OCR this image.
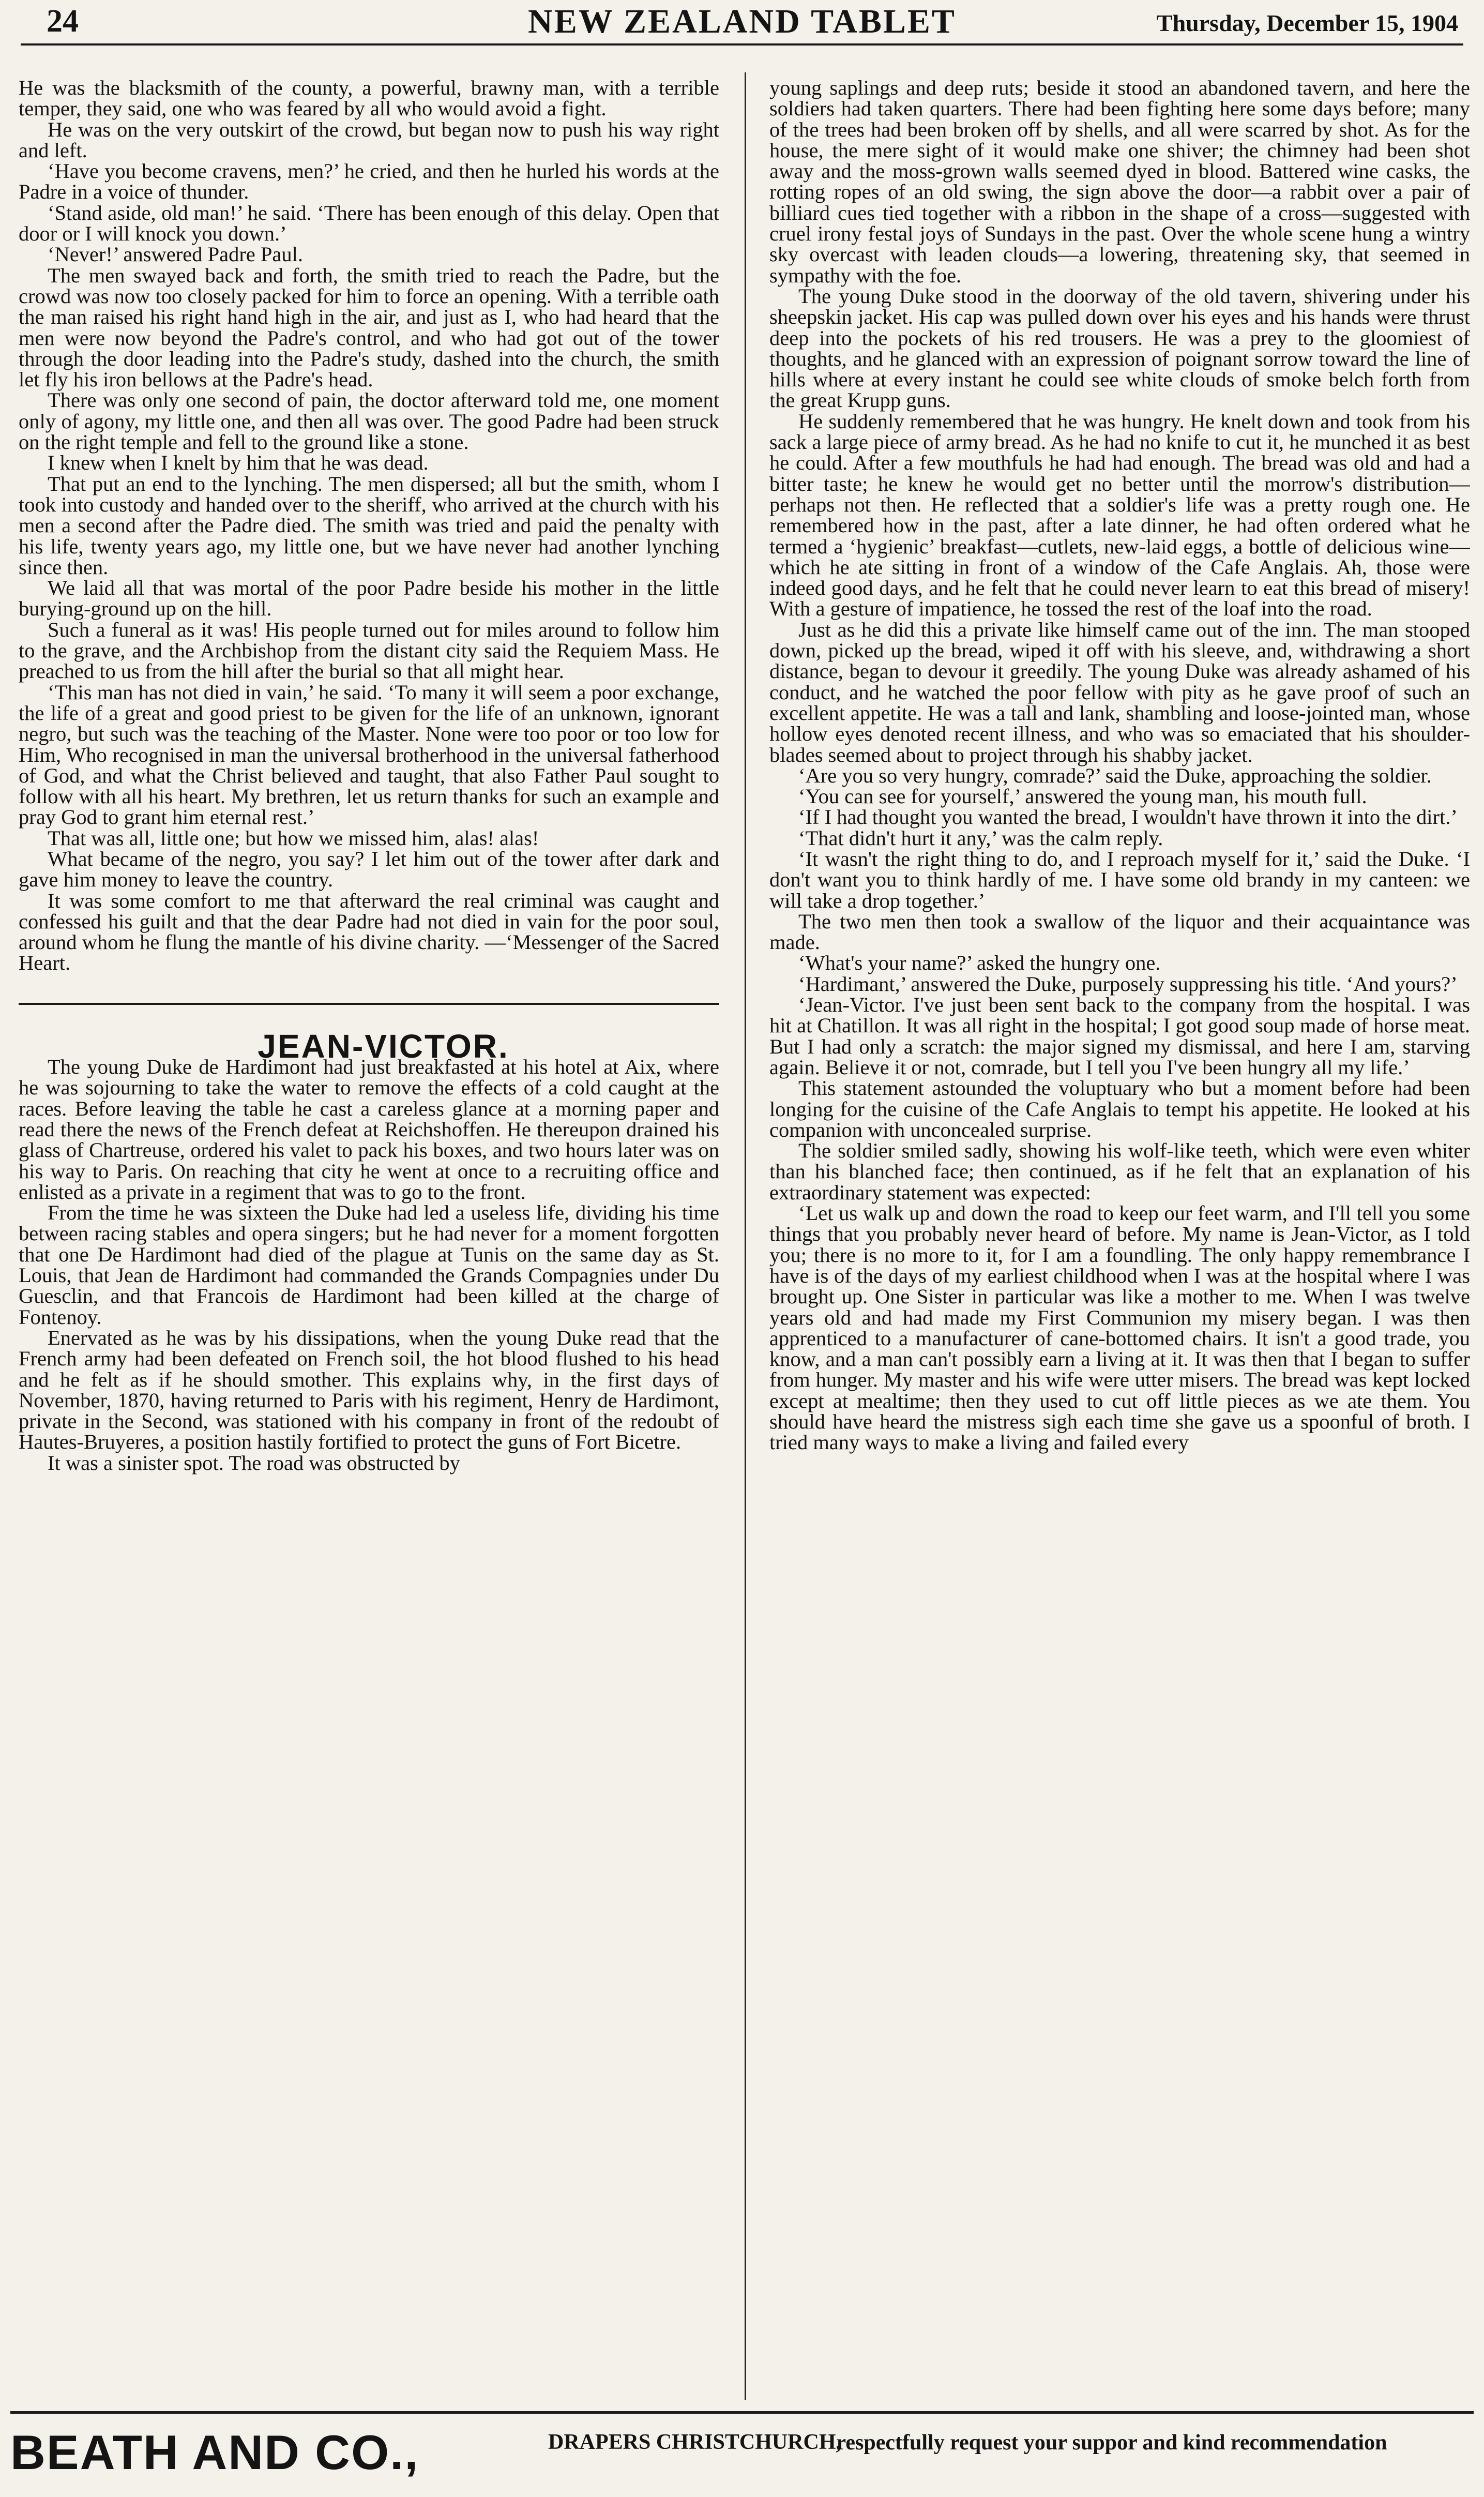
24	NEW ZEALAND TABLET	Thursday, December 15, 1904

He was the blacksmith of the county, a powerful, brawny man, with a terrible temper, they said, one who was feared by all who would avoid a fight.

He was on the very outskirt of the crowd, but began now to push his way right and left.

‘Have you become cravens, men?’ he cried, and then he hurled his words at the Padre in a voice of thunder.

‘Stand aside, old man!’ he said. ‘There has been enough of this delay. Open that door or I will knock you down.’

‘Never!’ answered Padre Paul.

The men swayed back and forth, the smith tried to reach the Padre, but the crowd was now too closely packed for him to force an opening. With a terrible oath the man raised his right hand high in the air, and just as I, who had heard that the men were now beyond the Padre's control, and who had got out of the tower through the door leading into the Padre's study, dashed into the church, the smith let fly his iron bellows at the Padre's head.

There was only one second of pain, the doctor afterward told me, one moment only of agony, my little one, and then all was over. The good Padre had been struck on the right temple and fell to the ground like a stone.

I knew when I knelt by him that he was dead.

That put an end to the lynching. The men dispersed; all but the smith, whom I took into custody and handed over to the sheriff, who arrived at the church with his men a second after the Padre died. The smith was tried and paid the penalty with his life, twenty years ago, my little one, but we have never had another lynching since then.

We laid all that was mortal of the poor Padre beside his mother in the little burying-ground up on the hill.

Such a funeral as it was! His people turned out for miles around to follow him to the grave, and the Archbishop from the distant city said the Requiem Mass. He preached to us from the hill after the burial so that all might hear.

‘This man has not died in vain,’ he said. ‘To many it will seem a poor exchange, the life of a great and good priest to be given for the life of an unknown, ignorant negro, but such was the teaching of the Master. None were too poor or too low for Him, Who recognised in man the universal brotherhood in the universal fatherhood of God, and what the Christ believed and taught, that also Father Paul sought to follow with all his heart. My brethren, let us return thanks for such an example and pray God to grant him eternal rest.’

That was all, little one; but how we missed him, alas! alas!

What became of the negro, you say? I let him out of the tower after dark and gave him money to leave the country.

It was some comfort to me that afterward the real criminal was caught and confessed his guilt and that the dear Padre had not died in vain for the poor soul, around whom he flung the mantle of his divine charity. —‘Messenger of the Sacred Heart.

JEAN-VICTOR.

The young Duke de Hardimont had just breakfasted at his hotel at Aix, where he was sojourning to take the water to remove the effects of a cold caught at the races. Before leaving the table he cast a careless glance at a morning paper and read there the news of the French defeat at Reichshoffen. He thereupon drained his glass of Chartreuse, ordered his valet to pack his boxes, and two hours later was on his way to Paris. On reaching that city he went at once to a recruiting office and enlisted as a private in a regiment that was to go to the front.

From the time he was sixteen the Duke had led a useless life, dividing his time between racing stables and opera singers; but he had never for a moment forgotten that one De Hardimont had died of the plague at Tunis on the same day as St. Louis, that Jean de Hardimont had commanded the Grands Compagnies under Du Guesclin, and that Francois de Hardimont had been killed at the charge of Fontenoy.

Enervated as he was by his dissipations, when the young Duke read that the French army had been defeated on French soil, the hot blood flushed to his head and he felt as if he should smother. This explains why, in the first days of November, 1870, having returned to Paris with his regiment, Henry de Hardimont, private in the Second, was stationed with his company in front of the redoubt of Hautes-Bruyeres, a position hastily fortified to protect the guns of Fort Bicetre.

It was a sinister spot. The road was obstructed by

young saplings and deep ruts; beside it stood an abandoned tavern, and here the soldiers had taken quarters. There had been fighting here some days before; many of the trees had been broken off by shells, and all were scarred by shot. As for the house, the mere sight of it would make one shiver; the chimney had been shot away and the moss-grown walls seemed dyed in blood. Battered wine casks, the rotting ropes of an old swing, the sign above the door—a rabbit over a pair of billiard cues tied together with a ribbon in the shape of a cross—suggested with cruel irony festal joys of Sundays in the past. Over the whole scene hung a wintry sky overcast with leaden clouds—a lowering, threatening sky, that seemed in sympathy with the foe.

The young Duke stood in the doorway of the old tavern, shivering under his sheepskin jacket. His cap was pulled down over his eyes and his hands were thrust deep into the pockets of his red trousers. He was a prey to the gloomiest of thoughts, and he glanced with an expression of poignant sorrow toward the line of hills where at every instant he could see white clouds of smoke belch forth from the great Krupp guns.

He suddenly remembered that he was hungry. He knelt down and took from his sack a large piece of army bread. As he had no knife to cut it, he munched it as best he could. After a few mouthfuls he had had enough. The bread was old and had a bitter taste; he knew he would get no better until the morrow's distribution—perhaps not then. He reflected that a soldier's life was a pretty rough one. He remembered how in the past, after a late dinner, he had often ordered what he termed a ‘hygienic’ breakfast—cutlets, new-laid eggs, a bottle of delicious wine—which he ate sitting in front of a window of the Cafe Anglais. Ah, those were indeed good days, and he felt that he could never learn to eat this bread of misery! With a gesture of impatience, he tossed the rest of the loaf into the road.

Just as he did this a private like himself came out of the inn. The man stooped down, picked up the bread, wiped it off with his sleeve, and, withdrawing a short distance, began to devour it greedily. The young Duke was already ashamed of his conduct, and he watched the poor fellow with pity as he gave proof of such an excellent appetite. He was a tall and lank, shambling and loose-jointed man, whose hollow eyes denoted recent illness, and who was so emaciated that his shoulder-blades seemed about to project through his shabby jacket.

‘Are you so very hungry, comrade?’ said the Duke, approaching the soldier.

‘You can see for yourself,’ answered the young man, his mouth full.

‘If I had thought you wanted the bread, I wouldn't have thrown it into the dirt.’

‘That didn't hurt it any,’ was the calm reply.

‘It wasn't the right thing to do, and I reproach myself for it,’ said the Duke. ‘I don't want you to think hardly of me. I have some old brandy in my canteen: we will take a drop together.’

The two men then took a swallow of the liquor and their acquaintance was made.

‘What's your name?’ asked the hungry one.

‘Hardimant,’ answered the Duke, purposely suppressing his title. ‘And yours?’

‘Jean-Victor. I've just been sent back to the company from the hospital. I was hit at Chatillon. It was all right in the hospital; I got good soup made of horse meat. But I had only a scratch: the major signed my dismissal, and here I am, starving again. Believe it or not, comrade, but I tell you I've been hungry all my life.’

This statement astounded the voluptuary who but a moment before had been longing for the cuisine of the Cafe Anglais to tempt his appetite. He looked at his companion with unconcealed surprise.

The soldier smiled sadly, showing his wolf-like teeth, which were even whiter than his blanched face; then continued, as if he felt that an explanation of his extraordinary statement was expected:

‘Let us walk up and down the road to keep our feet warm, and I'll tell you some things that you probably never heard of before. My name is Jean-Victor, as I told you; there is no more to it, for I am a foundling. The only happy remembrance I have is of the days of my earliest childhood when I was at the hospital where I was brought up. One Sister in particular was like a mother to me. When I was twelve years old and had made my First Communion my misery began. I was then apprenticed to a manufacturer of cane-bottomed chairs. It isn't a good trade, you know, and a man can't possibly earn a living at it. It was then that I began to suffer from hunger. My master and his wife were utter misers. The bread was kept locked except at mealtime; then they used to cut off little pieces as we ate them. You should have heard the mistress sigh each time she gave us a spoonful of broth. I tried many ways to make a living and failed every

BEATH AND CO.,	DRAPERS CHRISTCHURCH,
respectfully request your suppor and kind recommendation
